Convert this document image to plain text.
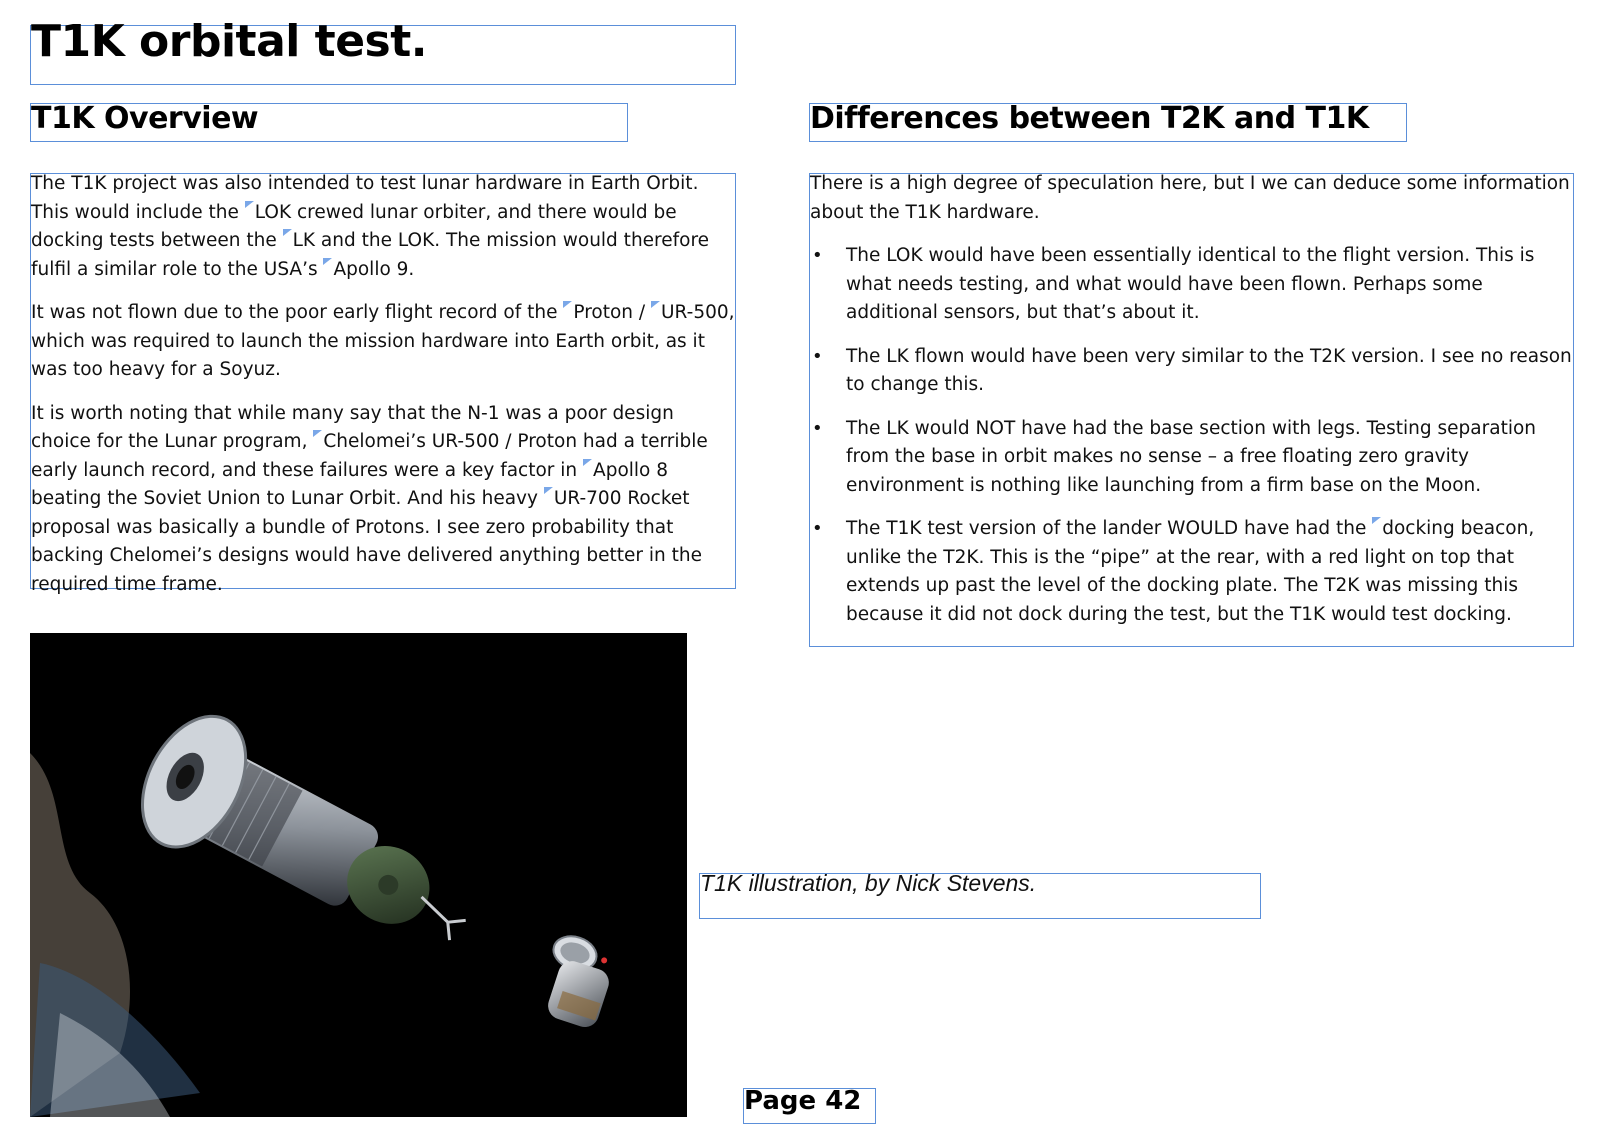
T1K orbital test.
T1K Overview	Differences between T2K and T1K

The T1K project was also intended to test lunar hardware in Earth Orbit. This would include the LOK crewed lunar orbiter, and there would be docking tests between the LK and the LOK. The mission would therefore fulfil a similar role to the USA’s Apollo 9.

It was not flown due to the poor early flight record of the Proton / UR-500, which was required to launch the mission hardware into Earth orbit, as it was too heavy for a Soyuz.

It is worth noting that while many say that the N-1 was a poor design choice for the Lunar program, Chelomei’s UR-500 / Proton had a terrible early launch record, and these failures were a key factor in Apollo 8 beating the Soviet Union to Lunar Orbit. And his heavy UR-700 Rocket proposal was basically a bundle of Protons. I see zero probability that backing Chelomei’s designs would have delivered anything better in the required time frame.

There is a high degree of speculation here, but I we can deduce some information about the T1K hardware.

• The LOK would have been essentially identical to the flight version. This is what needs testing, and what would have been flown. Perhaps some additional sensors, but that’s about it.
• The LK flown would have been very similar to the T2K version. I see no reason to change this.
• The LK would NOT have had the base section with legs. Testing separation from the base in orbit makes no sense – a free floating zero gravity environment is nothing like launching from a firm base on the Moon.
• The T1K test version of the lander WOULD have had the docking beacon, unlike the T2K. This is the “pipe” at the rear, with a red light on top that extends up past the level of the docking plate. The T2K was missing this because it did not dock during the test, but the T1K would test docking.
T1K illustration, by Nick Stevens.
Page 42
